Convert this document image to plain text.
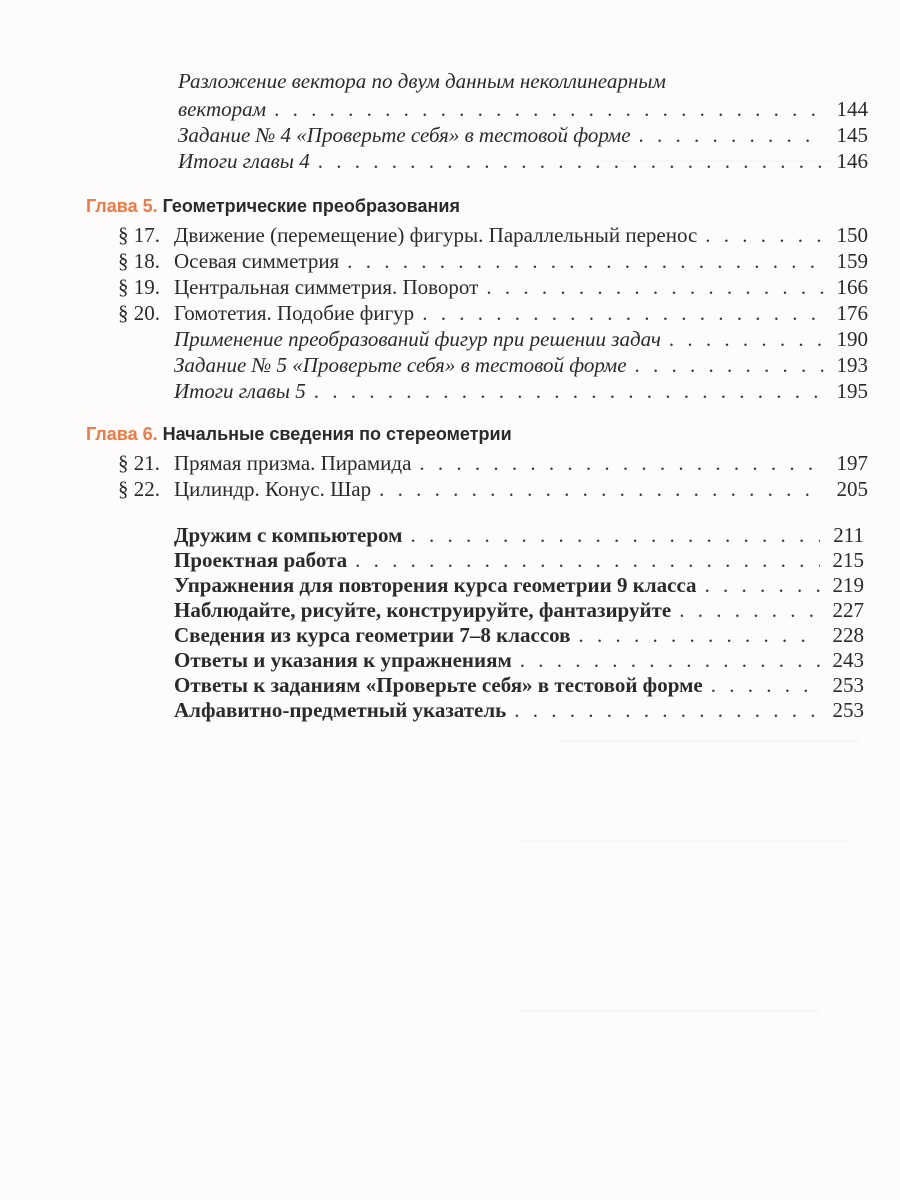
Разложение вектора по двум данным неколлинеарным
векторам . . .	144
Задание № 4 «Проверьте себя» в тестовой форме . . .	145
Итоги главы 4 . . .	146
Глава 5. Геометрические преобразования
§ 17. Движение (перемещение) фигуры. Параллельный перенос . . .	150
§ 18. Осевая симметрия . . .	159
§ 19. Центральная симметрия. Поворот . . .	166
§ 20. Гомотетия. Подобие фигур . . .	176
Применение преобразований фигур при решении задач . . .	190
Задание № 5 «Проверьте себя» в тестовой форме . . .	193
Итоги главы 5 . . .	195
Глава 6. Начальные сведения по стереометрии
§ 21. Прямая призма. Пирамида . . .	197
§ 22. Цилиндр. Конус. Шар . . .	205
Дружим с компьютером . . .	211
Проектная работа . . .	215
Упражнения для повторения курса геометрии 9 класса . . .	219
Наблюдайте, рисуйте, конструируйте, фантазируйте . . .	227
Сведения из курса геометрии 7–8 классов . . .	228
Ответы и указания к упражнениям . . .	243
Ответы к заданиям «Проверьте себя» в тестовой форме . . .	253
Алфавитно-предметный указатель . . .	253
